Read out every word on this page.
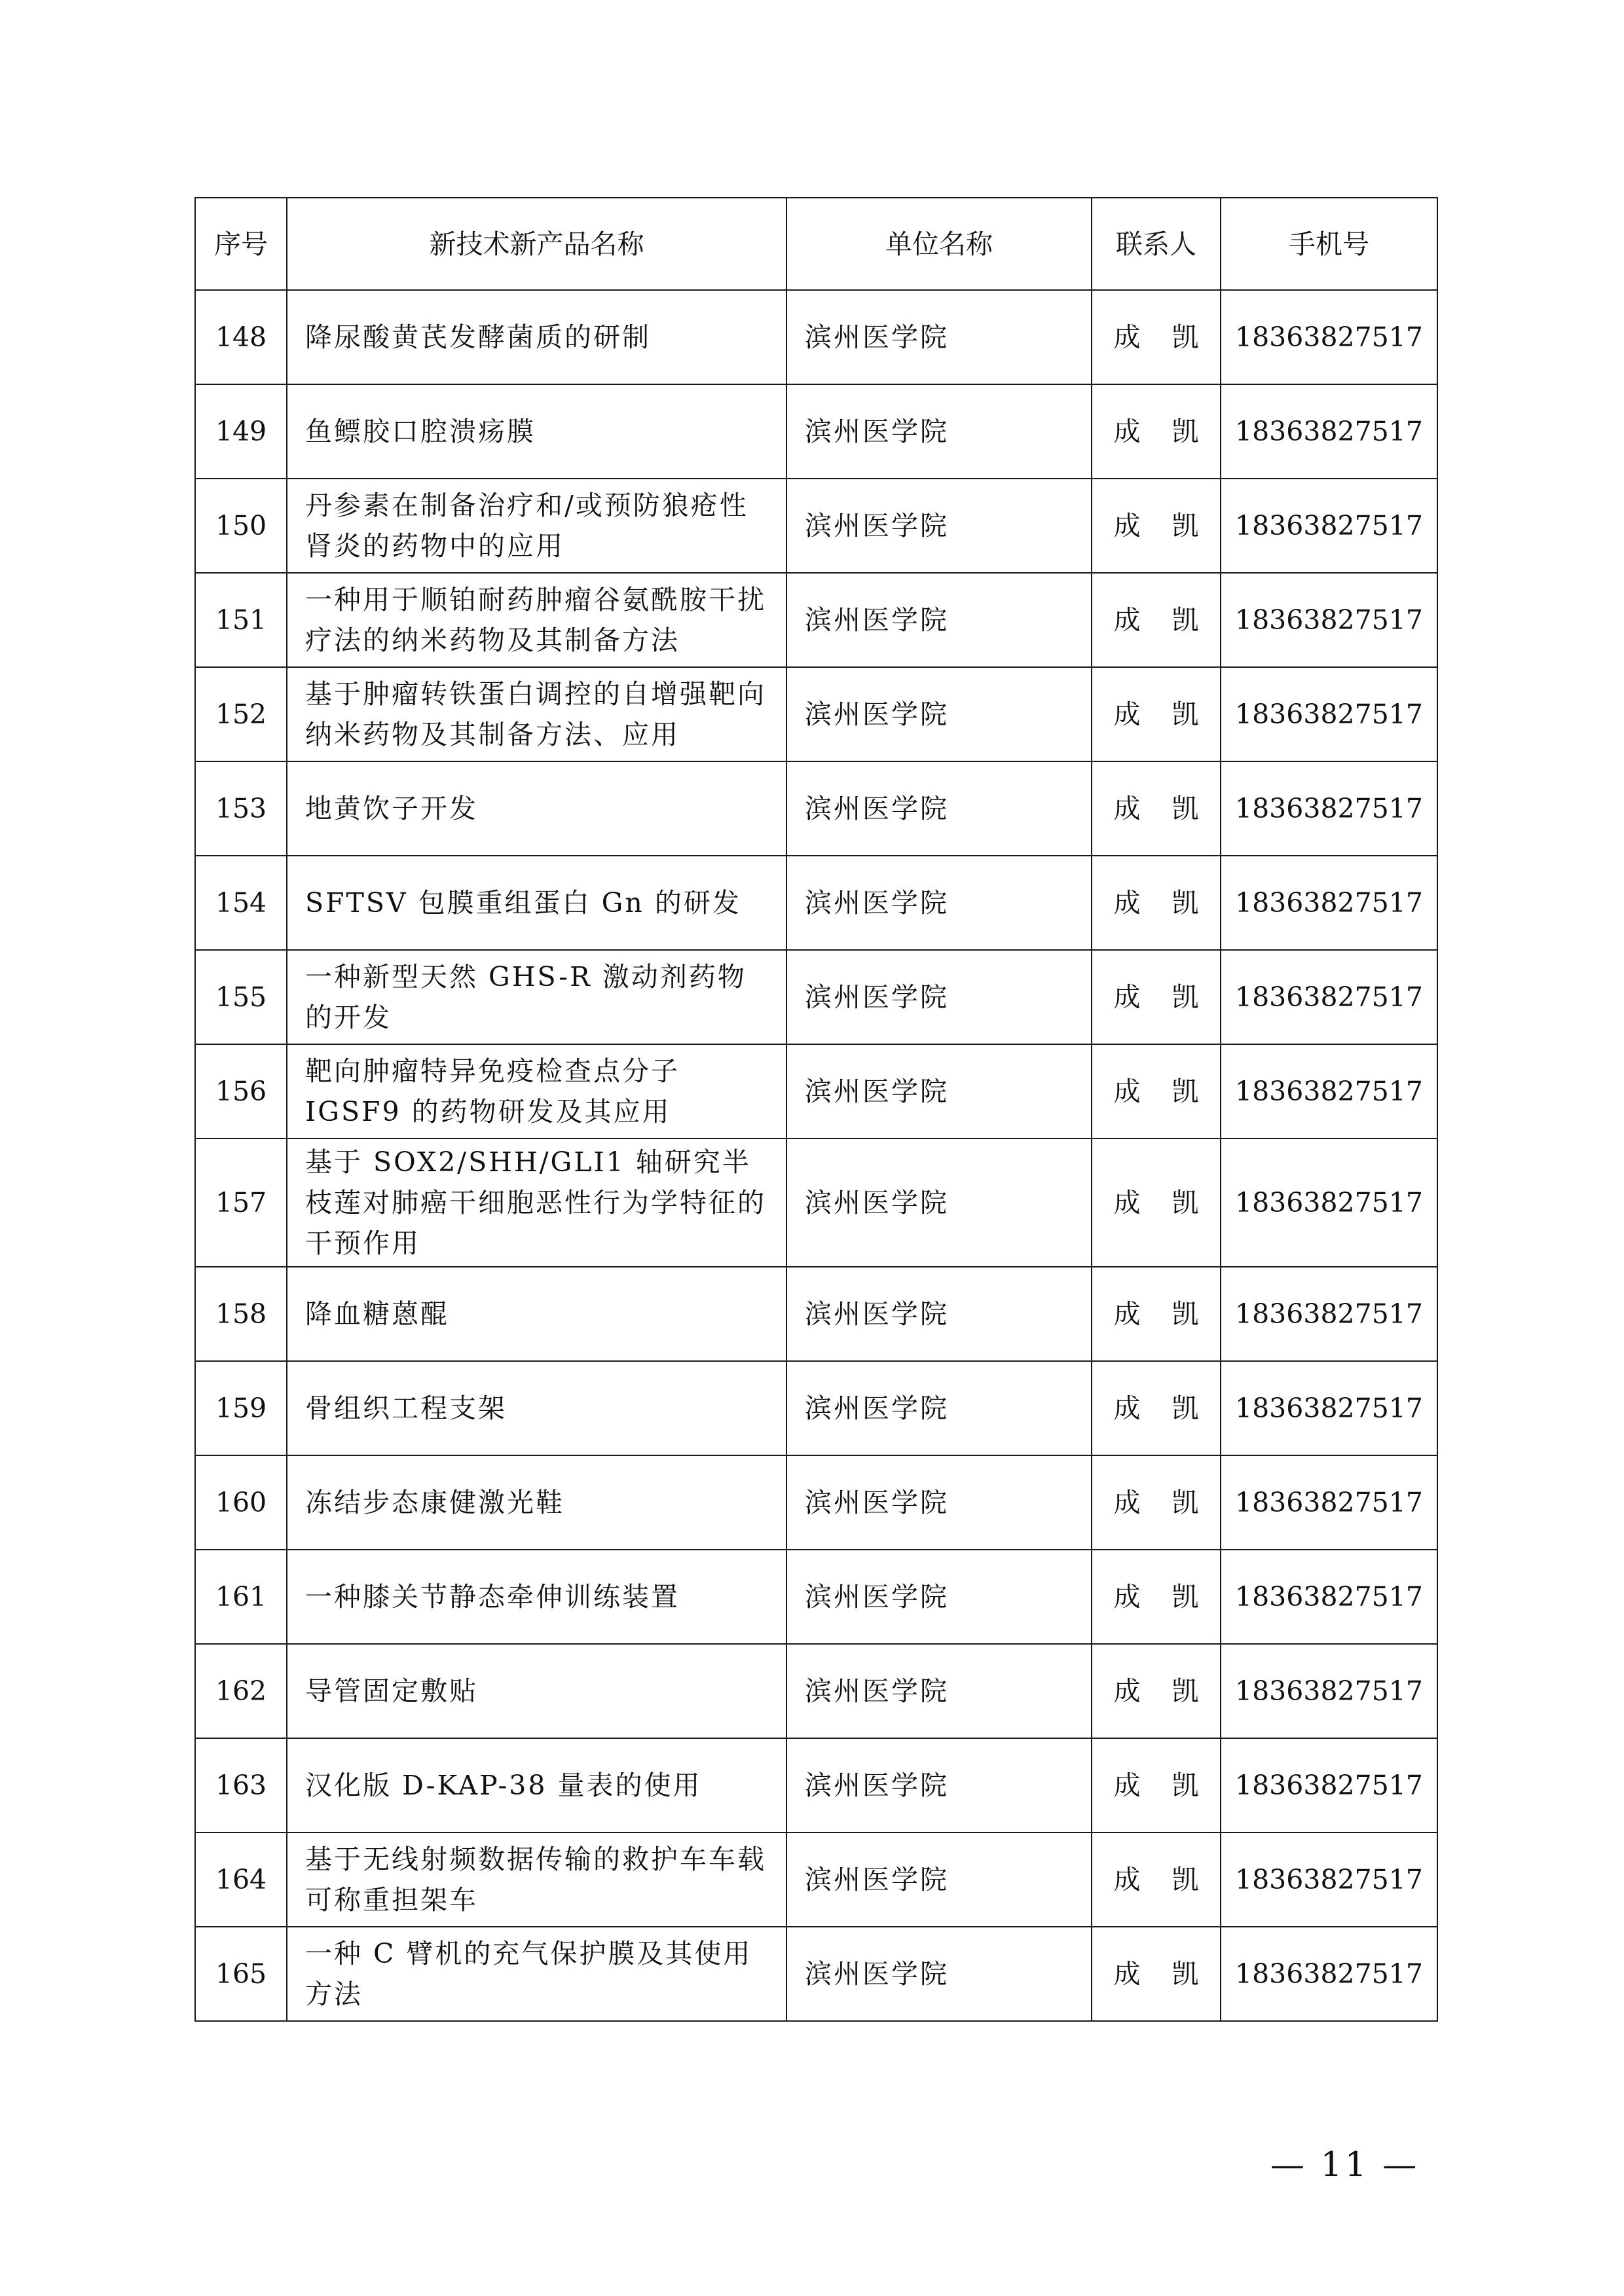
序号	新技术新产品名称	单位名称	联系人	手机号
148	降尿酸黄芪发酵菌质的研制	滨州医学院	成 凯	18363827517
149	鱼鳔胶口腔溃疡膜	滨州医学院	成 凯	18363827517
150	丹参素在制备治疗和/或预防狼疮性肾炎的药物中的应用	滨州医学院	成 凯	18363827517
151	一种用于顺铂耐药肿瘤谷氨酰胺干扰疗法的纳米药物及其制备方法	滨州医学院	成 凯	18363827517
152	基于肿瘤转铁蛋白调控的自增强靶向纳米药物及其制备方法、应用	滨州医学院	成 凯	18363827517
153	地黄饮子开发	滨州医学院	成 凯	18363827517
154	SFTSV 包膜重组蛋白 Gn 的研发	滨州医学院	成 凯	18363827517
155	一种新型天然 GHS-R 激动剂药物的开发	滨州医学院	成 凯	18363827517
156	靶向肿瘤特异免疫检查点分子 IGSF9 的药物研发及其应用	滨州医学院	成 凯	18363827517
157	基于 SOX2/SHH/GLI1 轴研究半枝莲对肺癌干细胞恶性行为学特征的干预作用	滨州医学院	成 凯	18363827517
158	降血糖蒽醌	滨州医学院	成 凯	18363827517
159	骨组织工程支架	滨州医学院	成 凯	18363827517
160	冻结步态康健激光鞋	滨州医学院	成 凯	18363827517
161	一种膝关节静态牵伸训练装置	滨州医学院	成 凯	18363827517
162	导管固定敷贴	滨州医学院	成 凯	18363827517
163	汉化版 D-KAP-38 量表的使用	滨州医学院	成 凯	18363827517
164	基于无线射频数据传输的救护车车载可称重担架车	滨州医学院	成 凯	18363827517
165	一种 C 臂机的充气保护膜及其使用方法	滨州医学院	成 凯	18363827517
— 11 —
